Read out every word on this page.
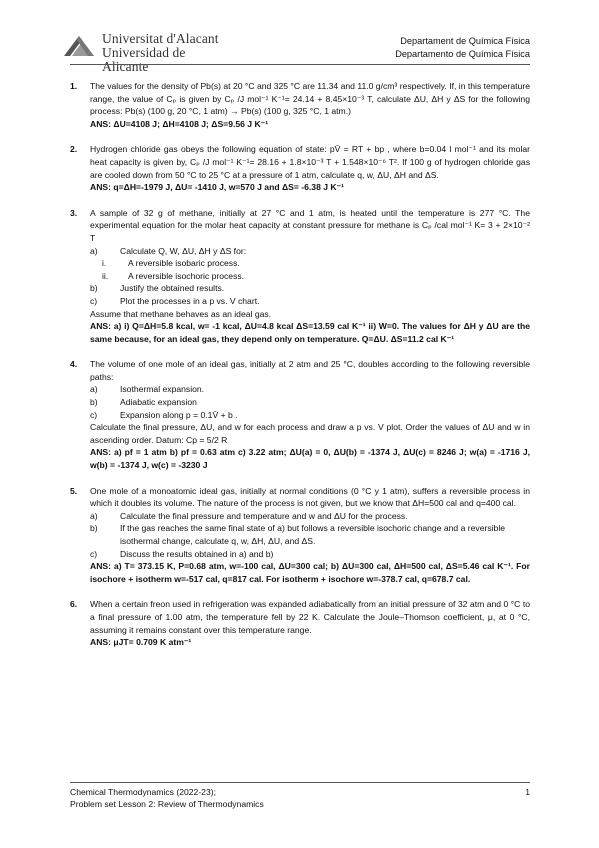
Universitat d'Alacant
Universidad de Alicante
Departament de Química Física
Departamento de Química Física
1. The values for the density of Pb(s) at 20 °C and 325 °C are 11.34 and 11.0 g/cm³ respectively. If, in this temperature range, the value of Cₚ is given by Cₚ /J mol⁻¹ K⁻¹= 24.14 + 8.45×10⁻³ T, calculate ΔU, ΔH y ΔS for the following process: Pb(s) (100 g, 20 °C, 1 atm) → Pb(s) (100 g, 325 °C, 1 atm.)
ANS: ΔU=4108 J; ΔH=4108 J; ΔS=9.56 J K⁻¹
2. Hydrogen chloride gas obeys the following equation of state: pV̄ = RT + bp , where b=0.04 l mol⁻¹ and its molar heat capacity is given by, Cₚ /J mol⁻¹ K⁻¹= 28.16 + 1.8×10⁻³ T + 1.548×10⁻⁶ T². If 100 g of hydrogen chloride gas are cooled down from 50 °C to 25 °C at a pressure of 1 atm, calculate q, w, ΔU, ΔH and ΔS.
ANS: q=ΔH=-1979 J, ΔU= -1410 J, w=570 J and ΔS= -6.38 J K⁻¹
3. A sample of 32 g of methane, initially at 27 °C and 1 atm, is heated until the temperature is 277 °C. The experimental equation for the molar heat capacity at constant pressure for methane is Cₚ /cal mol⁻¹ K= 3 + 2×10⁻² T
a)	Calculate Q, W, ΔU, ΔH y ΔS for:
i.	A reversible isobaric process.
ii. A reversible isochoric process.
b)	Justify the obtained results.
c)	Plot the processes in a p vs. V chart.
Assume that methane behaves as an ideal gas.
ANS: a) i) Q=ΔH=5.8 kcal, w= -1 kcal, ΔU=4.8 kcal ΔS=13.59 cal K⁻¹ ii) W=0. The values for ΔH y ΔU are the same because, for an ideal gas, they depend only on temperature. Q=ΔU. ΔS=11.2 cal K⁻¹
4. The volume of one mole of an ideal gas, initially at 2 atm and 25 °C, doubles according to the following reversible paths:
a)	Isothermal expansion.
b)	Adiabatic expansion
c)	Expansion along p = 0.1V̄ + b .
Calculate the final pressure, ΔU, and w for each process and draw a p vs. V plot. Order the values of ΔU and w in ascending order. Datum: Cp = 5/2 R
ANS: a) pf = 1 atm b) pf = 0.63 atm c) 3.22 atm; ΔU(a) = 0, ΔU(b) = -1374 J, ΔU(c) = 8246 J; w(a) = -1716 J, w(b) = -1374 J, w(c) = -3230 J
5. One mole of a monoatomic ideal gas, initially at normal conditions (0 °C y 1 atm), suffers a reversible process in which it doubles its volume. The nature of the process is not given, but we know that ΔH=500 cal and q=400 cal.
a)	Calculate the final pressure and temperature and w and ΔU for the process.
b)	If the gas reaches the same final state of a) but follows a reversible isochoric change and a reversible isothermal change, calculate q, w, ΔH, ΔU, and ΔS.
c)	Discuss the results obtained in a) and b)
ANS: a) T= 373.15 K, P=0.68 atm, w=-100 cal, ΔU=300 cal; b) ΔU=300 cal, ΔH=500 cal, ΔS=5.46 cal K⁻¹. For isochore + isotherm w=-517 cal, q=817 cal. For isotherm + isochore w=-378.7 cal, q=678.7 cal.
6. When a certain freon used in refrigeration was expanded adiabatically from an initial pressure of 32 atm and 0 °C to a final pressure of 1.00 atm, the temperature fell by 22 K. Calculate the Joule–Thomson coefficient, μ, at 0 °C, assuming it remains constant over this temperature range.
ANS: μJT= 0.709 K atm⁻¹
Chemical Thermodynamics (2022-23);
Problem set Lesson 2: Review of Thermodynamics
1
